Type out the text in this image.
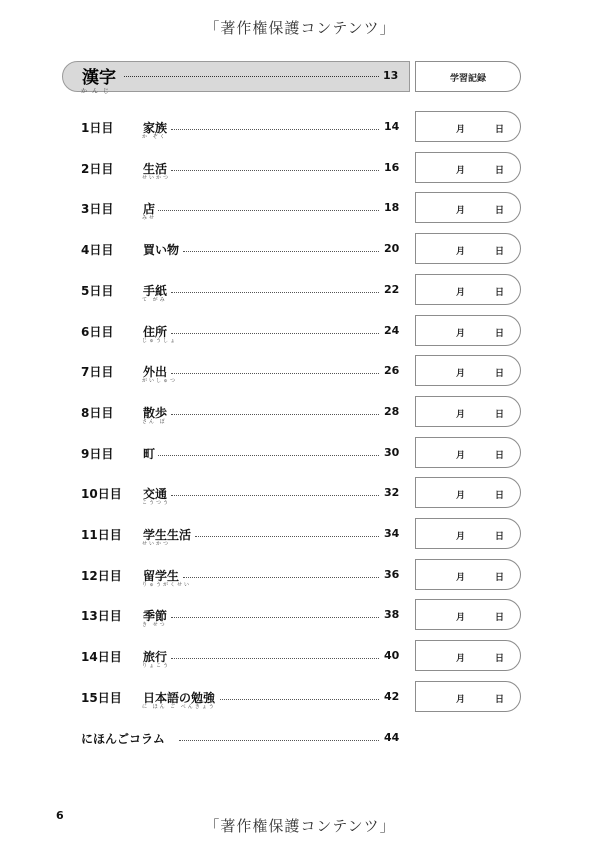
「著作権保護コンテンツ」
漢字
かんじ
13	学習記録
1日目 家族
か ぞく
14	月	日
2日目 生活
せいかつ
16	月	日
3日目 店
みせ
18	月	日
4日目 買い物	20	月	日
5日目 手紙
て がみ
22	月	日
6日目 住所
じゅうしょ
24	月	日
7日目 外出
がいしゅつ
26	月	日
8日目 散歩
さん ぽ
28	月	日
9日目 町	30	月	日
10日目 交通
こうつう
32	月	日
11日目 学生生活
せいかつ
34	月	日
12日目 留学生
りゅうがくせい
36	月	日
13日目 季節
き せつ
38	月	日
14日目 旅行
りょこう
40	月	日
15日目 日本語の勉強
に ほん ご べんきょう
42	月	日
にほんごコラム	44
「著作権保護コンテンツ」
6
